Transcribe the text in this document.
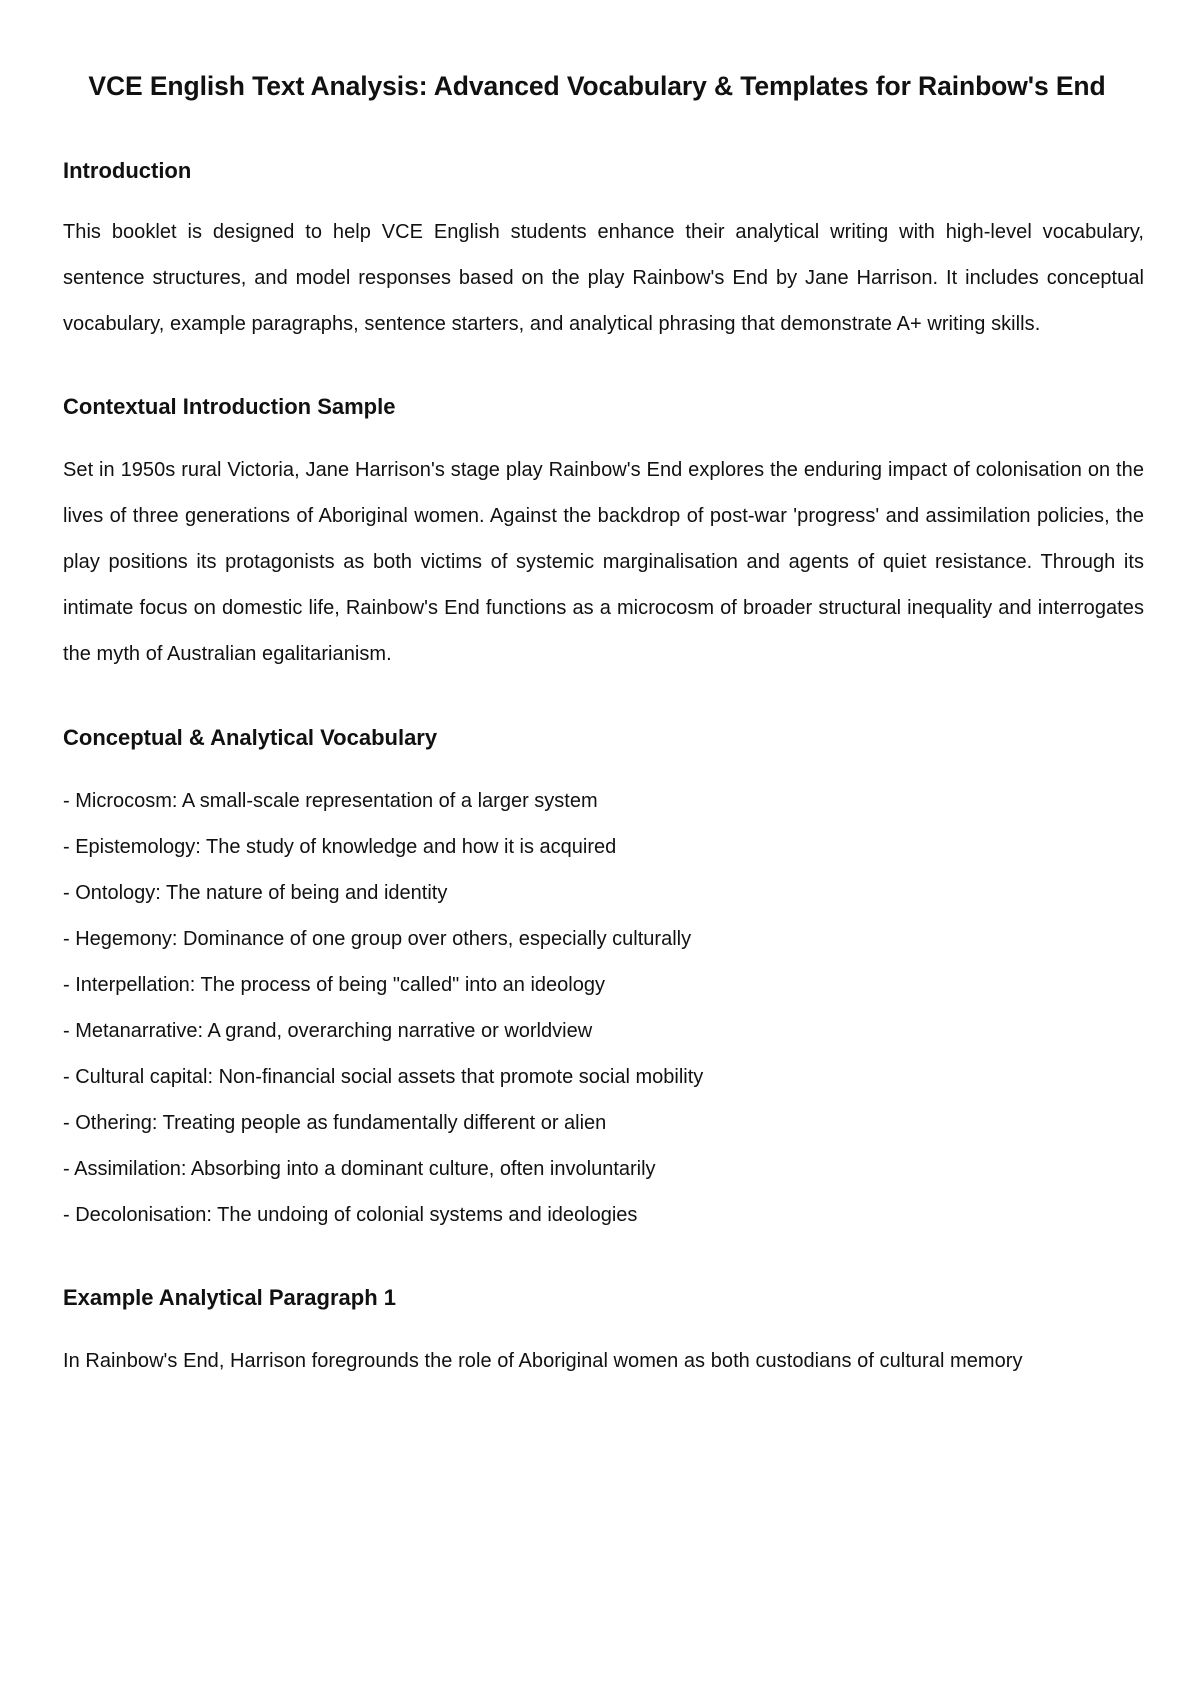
VCE English Text Analysis: Advanced Vocabulary & Templates for Rainbow's End
Introduction

This booklet is designed to help VCE English students enhance their analytical writing with high-level vocabulary, sentence structures, and model responses based on the play Rainbow's End by Jane Harrison. It includes conceptual vocabulary, example paragraphs, sentence starters, and analytical phrasing that demonstrate A+ writing skills.

Contextual Introduction Sample

Set in 1950s rural Victoria, Jane Harrison's stage play Rainbow's End explores the enduring impact of colonisation on the lives of three generations of Aboriginal women. Against the backdrop of post-war 'progress' and assimilation policies, the play positions its protagonists as both victims of systemic marginalisation and agents of quiet resistance. Through its intimate focus on domestic life, Rainbow's End functions as a microcosm of broader structural inequality and interrogates the myth of Australian egalitarianism.

Conceptual & Analytical Vocabulary
- Microcosm: A small-scale representation of a larger system
- Epistemology: The study of knowledge and how it is acquired
- Ontology: The nature of being and identity
- Hegemony: Dominance of one group over others, especially culturally
- Interpellation: The process of being "called" into an ideology
- Metanarrative: A grand, overarching narrative or worldview
- Cultural capital: Non-financial social assets that promote social mobility
- Othering: Treating people as fundamentally different or alien
- Assimilation: Absorbing into a dominant culture, often involuntarily
- Decolonisation: The undoing of colonial systems and ideologies
Example Analytical Paragraph 1

In Rainbow's End, Harrison foregrounds the role of Aboriginal women as both custodians of cultural memory
